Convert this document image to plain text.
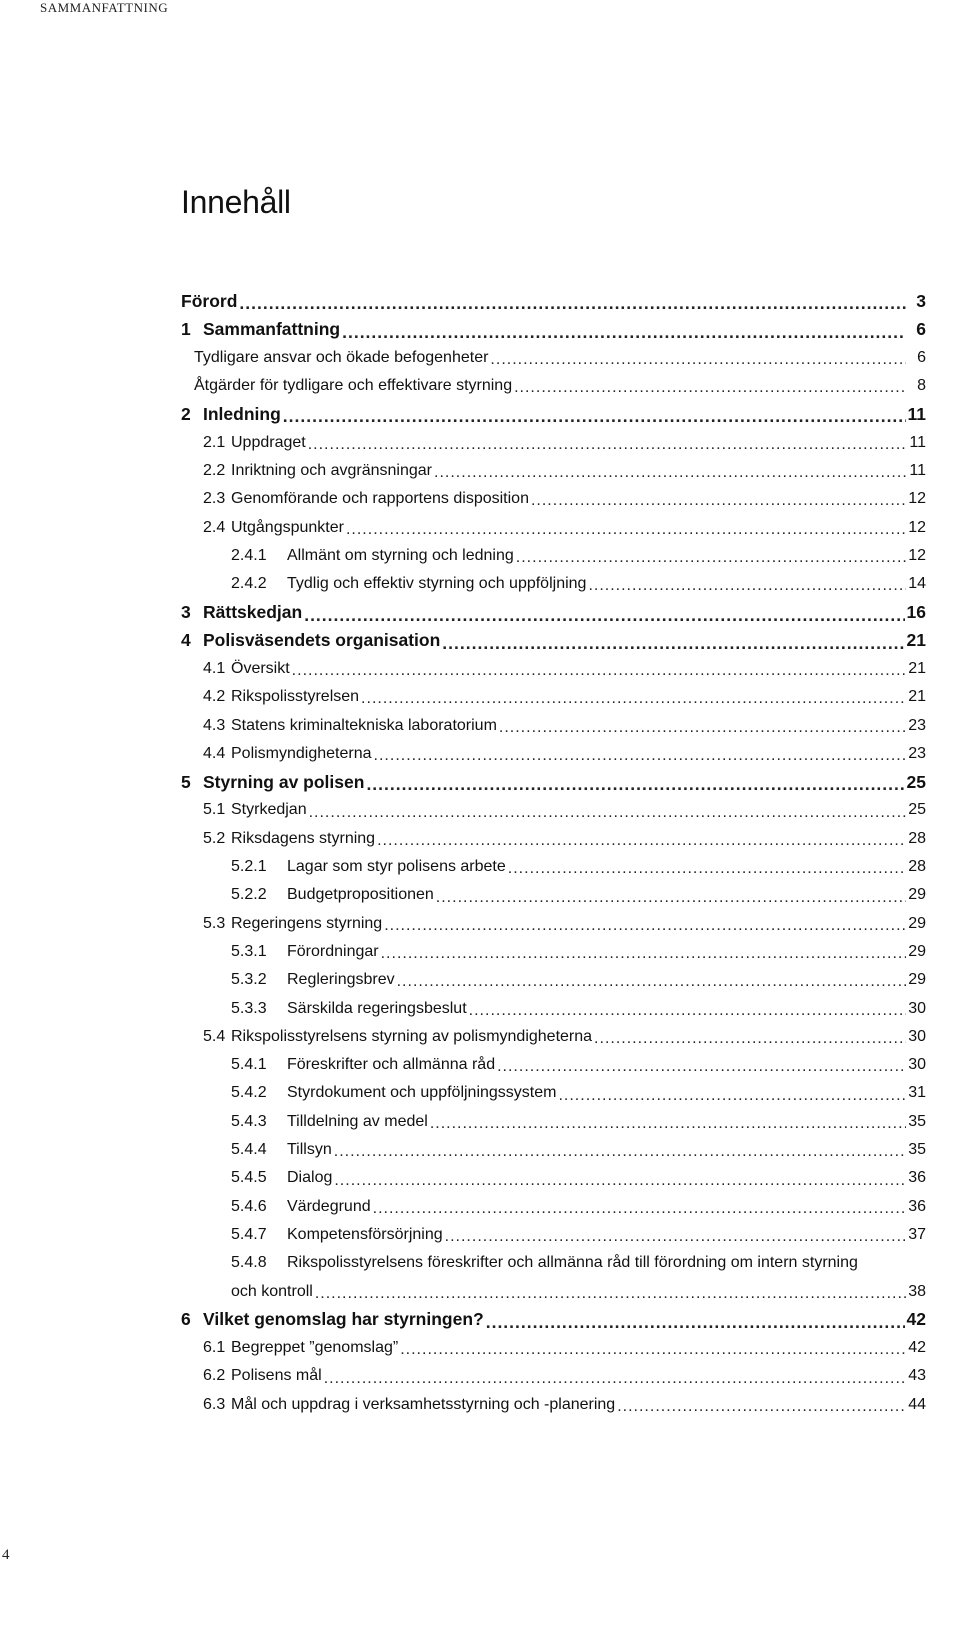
SAMMANFATTNING
Innehåll
Förord .....	3
1 Sammanfattning .....	6
Tydligare ansvar och ökade befogenheter .....	6
Åtgärder för tydligare och effektivare styrning .....	8
2 Inledning .....	11
2.1 Uppdraget .....	11
2.2 Inriktning och avgränsningar .....	11
2.3 Genomförande och rapportens disposition .....	12
2.4 Utgångspunkter .....	12
2.4.1	Allmänt om styrning och ledning .....	12
2.4.2	Tydlig och effektiv styrning och uppföljning .....	14
3 Rättskedjan .....	16
4 Polisväsendets organisation .....	21
4.1 Översikt .....	21
4.2 Rikspolisstyrelsen .....	21
4.3 Statens kriminaltekniska laboratorium .....	23
4.4 Polismyndigheterna .....	23
5 Styrning av polisen .....	25
5.1 Styrkedjan .....	25
5.2 Riksdagens styrning .....	28
5.2.1	Lagar som styr polisens arbete .....	28
5.2.2	Budgetpropositionen .....	29
5.3 Regeringens styrning .....	29
5.3.1	Förordningar .....	29
5.3.2	Regleringsbrev .....	29
5.3.3	Särskilda regeringsbeslut .....	30
5.4 Rikspolisstyrelsens styrning av polismyndigheterna .....	30
5.4.1	Föreskrifter och allmänna råd .....	30
5.4.2	Styrdokument och uppföljningssystem .....	31
5.4.3	Tilldelning av medel .....	35
5.4.4	Tillsyn .....	35
5.4.5	Dialog .....	36
5.4.6	Värdegrund .....	36
5.4.7	Kompetensförsörjning .....	37
5.4.8	Rikspolisstyrelsens föreskrifter och allmänna råd till förordning om intern styrning
och kontroll .....	38
6 Vilket genomslag har styrningen? .....	42
6.1 Begreppet ”genomslag” .....	42
6.2 Polisens mål .....	43
6.3 Mål och uppdrag i verksamhetsstyrning och -planering .....	44
4
